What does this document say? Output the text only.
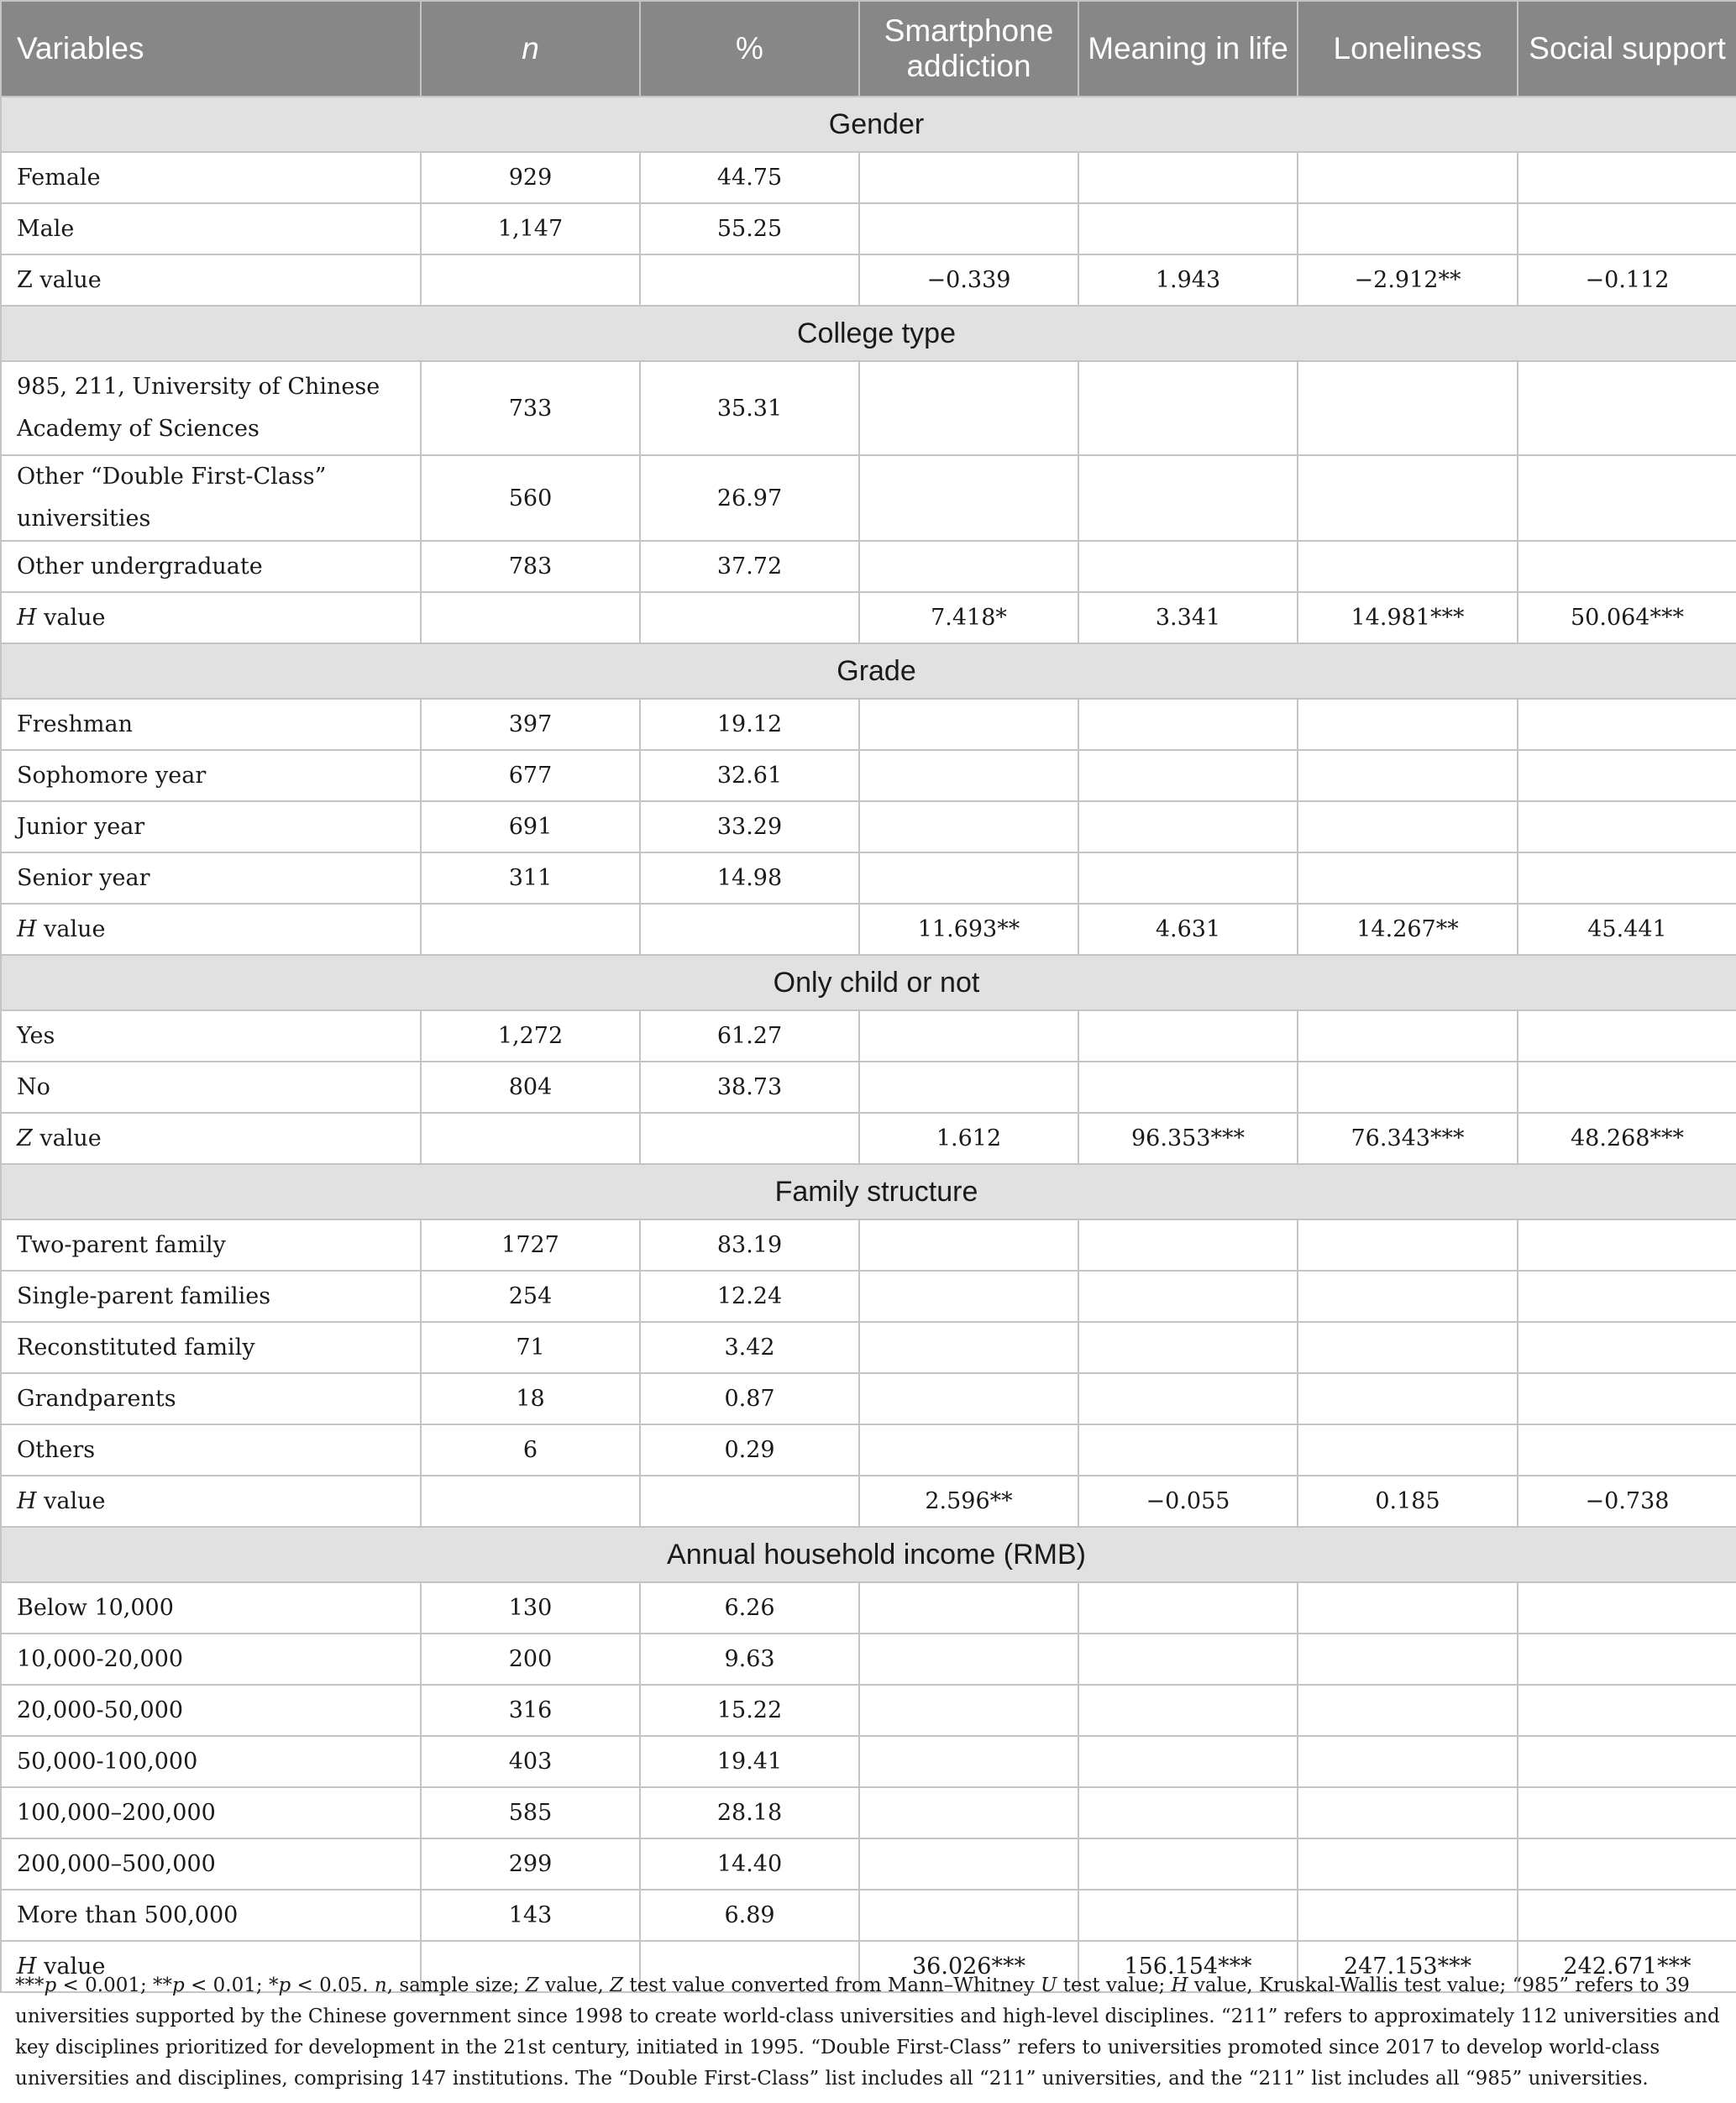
Variables	n	%	Smartphone addiction	Meaning in life	Loneliness	Social support
Gender						
Female	929	44.75				
Male	1,147	55.25				
Z value			−0.339	1.943	−2.912**	−0.112
College type						
985, 211, University of Chinese Academy of Sciences	733	35.31				
Other “Double First-Class” universities	560	26.97				
Other undergraduate	783	37.72				
H value			7.418*	3.341	14.981***	50.064***
Grade						
Freshman	397	19.12				
Sophomore year	677	32.61				
Junior year	691	33.29				
Senior year	311	14.98				
H value			11.693**	4.631	14.267**	45.441
Only child or not						
Yes	1,272	61.27				
No	804	38.73				
Z value			1.612	96.353***	76.343***	48.268***
Family structure						
Two-parent family	1727	83.19				
Single-parent families	254	12.24				
Reconstituted family	71	3.42				
Grandparents	18	0.87				
Others	6	0.29				
H value			2.596**	−0.055	0.185	−0.738
Annual household income (RMB)						
Below 10,000	130	6.26				
10,000-20,000	200	9.63				
20,000-50,000	316	15.22				
50,000-100,000	403	19.41				
100,000–200,000	585	28.18				
200,000–500,000	299	14.40				
More than 500,000	143	6.89				
H value			36.026***	156.154***	247.153***	242.671***
***p < 0.001; **p < 0.01; *p < 0.05. n, sample size; Z value, Z test value converted from Mann–Whitney U test value; H value, Kruskal-Wallis test value; “985” refers to 39 universities supported by the Chinese government since 1998 to create world-class universities and high-level disciplines. “211” refers to approximately 112 universities and key disciplines prioritized for development in the 21st century, initiated in 1995. “Double First-Class” refers to universities promoted since 2017 to develop world-class universities and disciplines, comprising 147 institutions. The “Double First-Class” list includes all “211” universities, and the “211” list includes all “985” universities.
